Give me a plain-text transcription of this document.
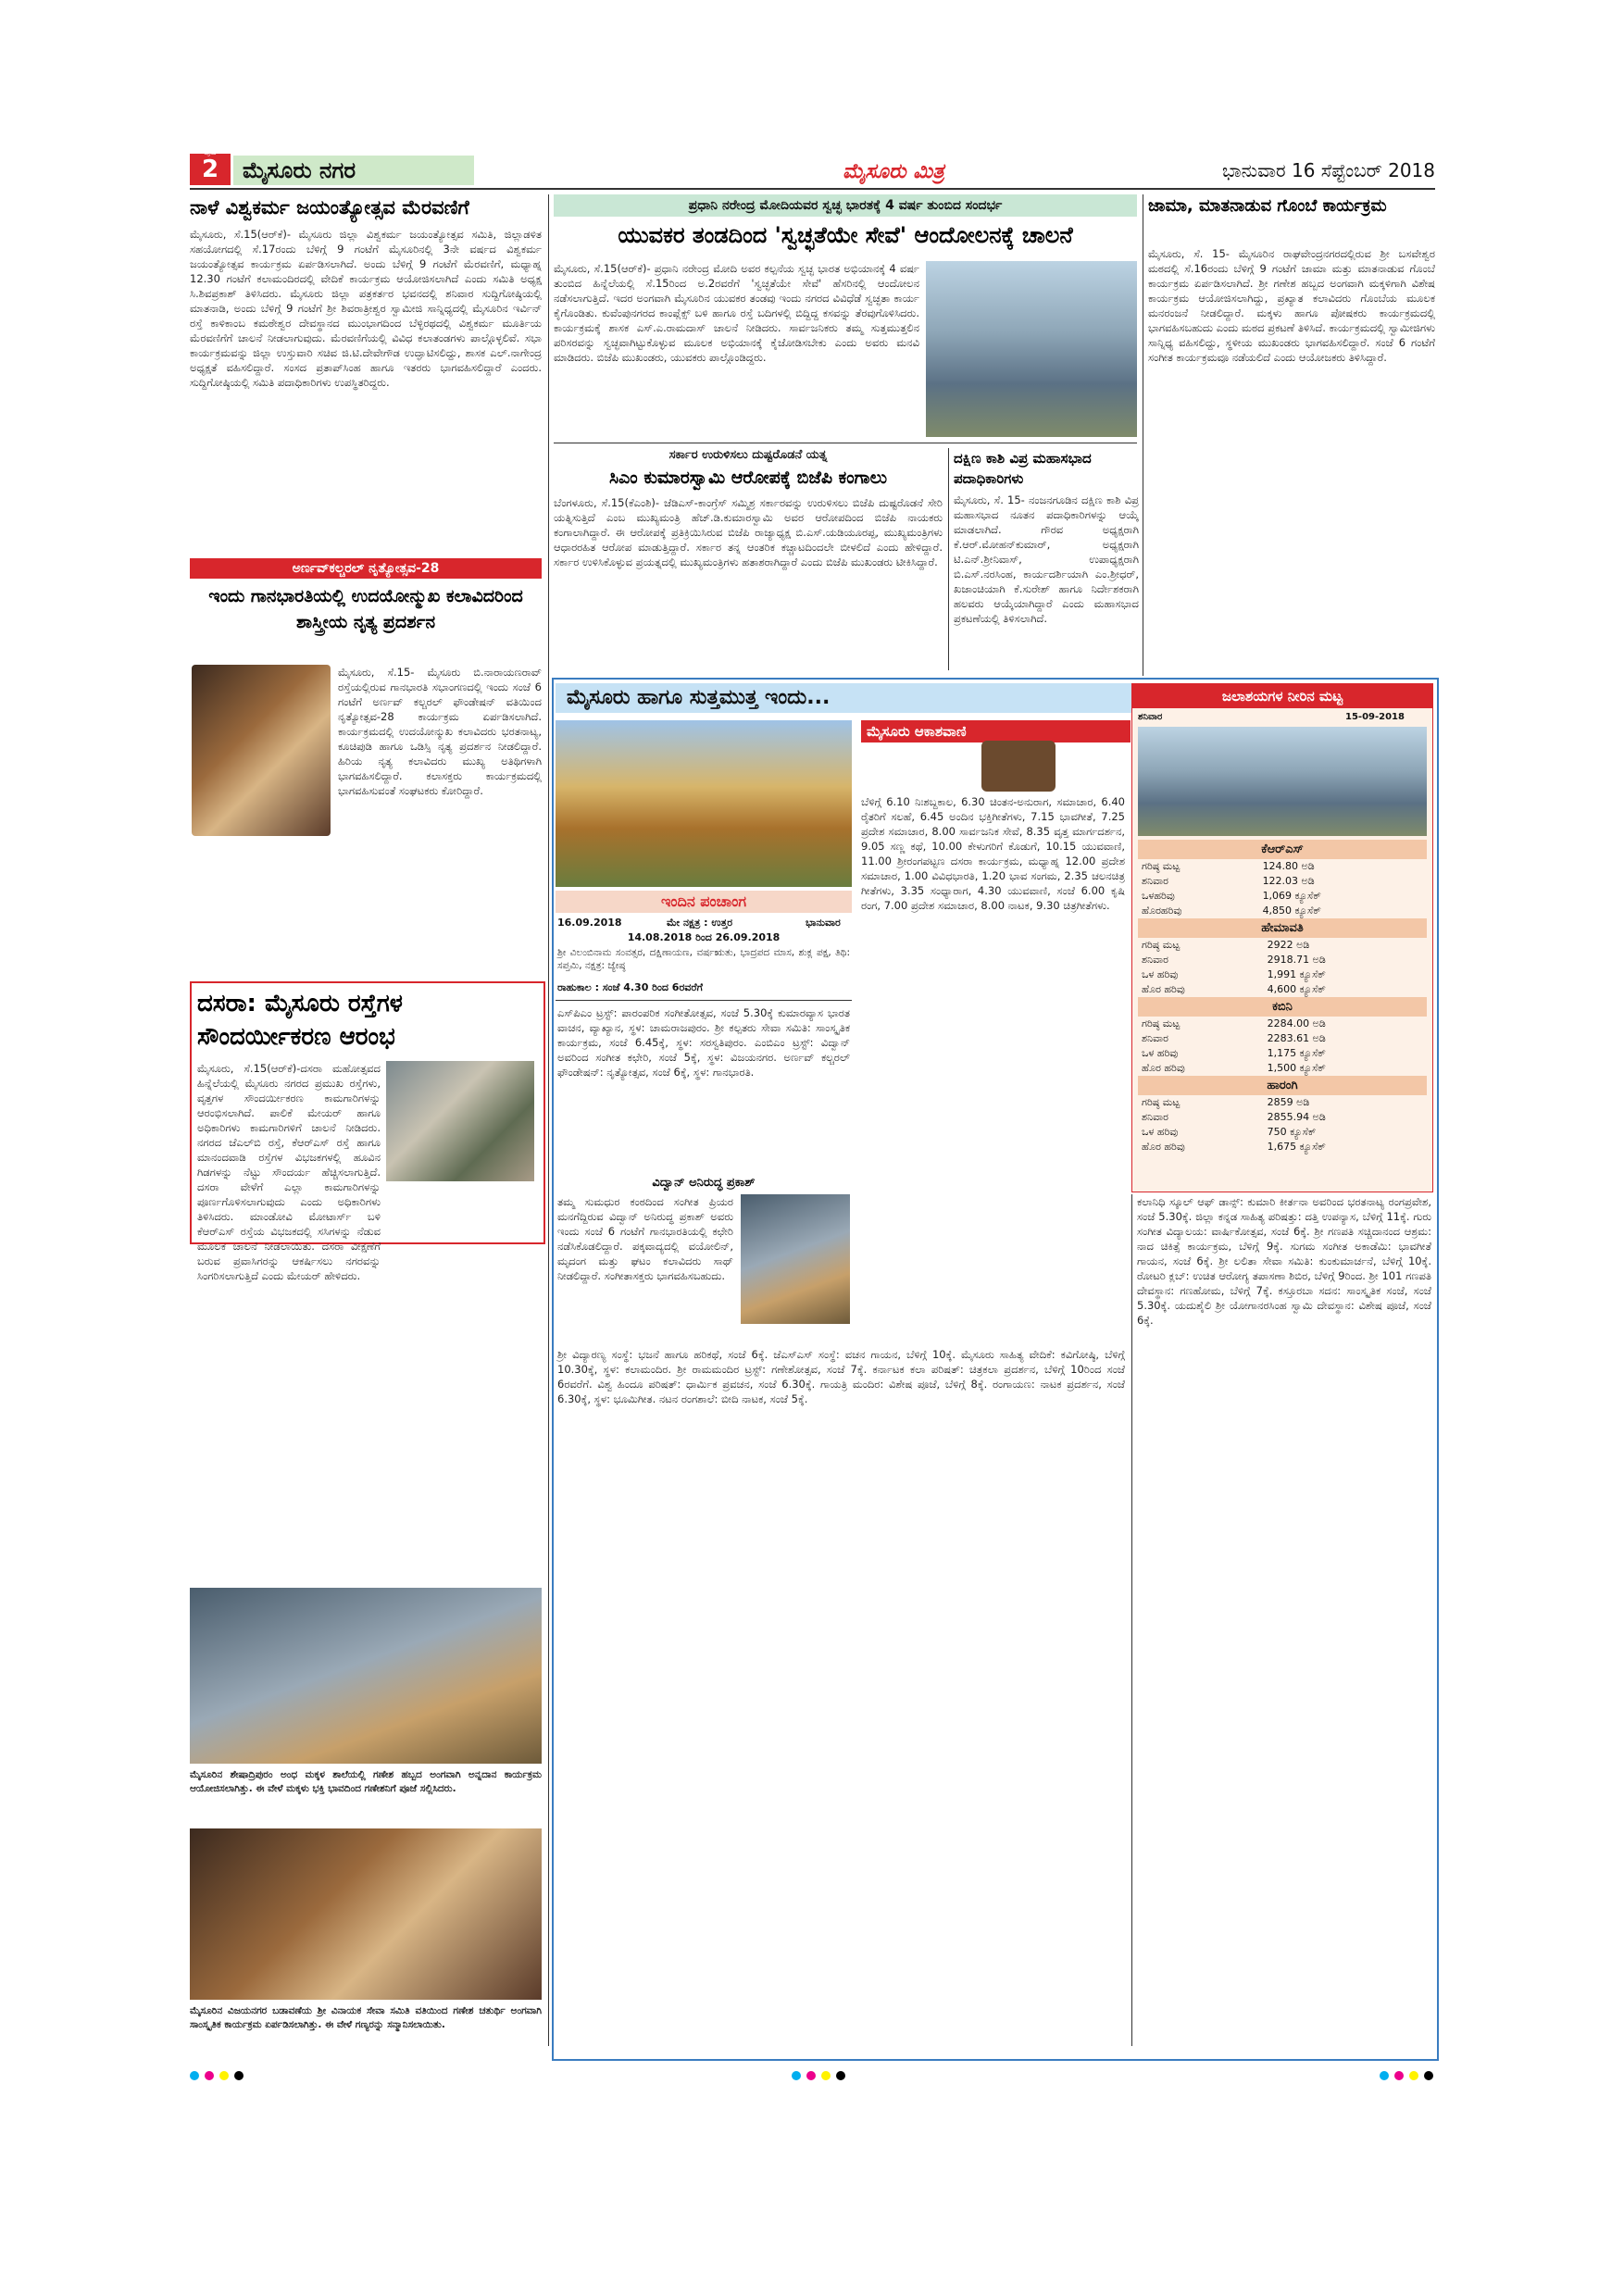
2
ಪುಟ
ಮೈಸೂರು ನಗರ	ಮೈಸೂರು ಮಿತ್ರ	ಭಾನುವಾರ 16 ಸೆಪ್ಟೆಂಬರ್ 2018
ನಾಳೆ ವಿಶ್ವಕರ್ಮ ಜಯಂತ್ಯೋತ್ಸವ ಮೆರವಣಿಗೆ
ಮೈಸೂರು, ಸೆ.15(ಆರ್‌ಕೆ)- ಮೈಸೂರು ಜಿಲ್ಲಾ ವಿಶ್ವಕರ್ಮ ಜಯಂತ್ಯೋತ್ಸವ ಸಮಿತಿ, ಜಿಲ್ಲಾಡಳಿತ ಸಹಯೋಗದಲ್ಲಿ ಸೆ.17ರಂದು ಬೆಳಿಗ್ಗೆ 9 ಗಂಟೆಗೆ ಮೈಸೂರಿನಲ್ಲಿ 3ನೇ ವರ್ಷದ ವಿಶ್ವಕರ್ಮ ಜಯಂತ್ಯೋತ್ಸವ ಕಾರ್ಯಕ್ರಮ ಏರ್ಪಡಿಸಲಾಗಿದೆ. ಅಂದು ಬೆಳಿಗ್ಗೆ 9 ಗಂಟೆಗೆ ಮೆರವಣಿಗೆ, ಮಧ್ಯಾಹ್ನ 12.30 ಗಂಟೆಗೆ ಕಲಾಮಂದಿರದಲ್ಲಿ ವೇದಿಕೆ ಕಾರ್ಯಕ್ರಮ ಆಯೋಜಿಸಲಾಗಿದೆ ಎಂದು ಸಮಿತಿ ಅಧ್ಯಕ್ಷ ಸಿ.ಶಿವಪ್ರಕಾಶ್ ತಿಳಿಸಿದರು. ಮೈಸೂರು ಜಿಲ್ಲಾ ಪತ್ರಕರ್ತರ ಭವನದಲ್ಲಿ ಶನಿವಾರ ಸುದ್ದಿಗೋಷ್ಠಿಯಲ್ಲಿ ಮಾತನಾಡಿ, ಅಂದು ಬೆಳಿಗ್ಗೆ 9 ಗಂಟೆಗೆ ಶ್ರೀ ಶಿವರಾತ್ರೀಶ್ವರ ಸ್ವಾಮೀಜಿ ಸಾನ್ನಿಧ್ಯದಲ್ಲಿ ಮೈಸೂರಿನ ಇರ್ವಿನ್ ರಸ್ತೆ ಕಾಳಿಕಾಂಬ ಕಮಠೇಶ್ವರ ದೇವಸ್ಥಾನದ ಮುಂಭಾಗದಿಂದ ಬೆಳ್ಳಿರಥದಲ್ಲಿ ವಿಶ್ವಕರ್ಮ ಮೂರ್ತಿಯ ಮೆರವಣಿಗೆಗೆ ಚಾಲನೆ ನೀಡಲಾಗುವುದು. ಮೆರವಣಿಗೆಯಲ್ಲಿ ವಿವಿಧ ಕಲಾತಂಡಗಳು ಪಾಲ್ಗೊಳ್ಳಲಿವೆ. ಸಭಾ ಕಾರ್ಯಕ್ರಮವನ್ನು ಜಿಲ್ಲಾ ಉಸ್ತುವಾರಿ ಸಚಿವ ಜಿ.ಟಿ.ದೇವೇಗೌಡ ಉದ್ಘಾಟಿಸಲಿದ್ದು, ಶಾಸಕ ಎಲ್.ನಾಗೇಂದ್ರ ಅಧ್ಯಕ್ಷತೆ ವಹಿಸಲಿದ್ದಾರೆ. ಸಂಸದ ಪ್ರತಾಪ್‌ಸಿಂಹ ಹಾಗೂ ಇತರರು ಭಾಗವಹಿಸಲಿದ್ದಾರೆ ಎಂದರು. ಸುದ್ದಿಗೋಷ್ಠಿಯಲ್ಲಿ ಸಮಿತಿ ಪದಾಧಿಕಾರಿಗಳು ಉಪಸ್ಥಿತರಿದ್ದರು.
ಅರ್ಣವ್‌ಕಲ್ಚರಲ್ ನೃತ್ಯೋತ್ಸವ-28
ಇಂದು ಗಾನಭಾರತಿಯಲ್ಲಿ ಉದಯೋನ್ಮುಖ ಕಲಾವಿದರಿಂದ ಶಾಸ್ತ್ರೀಯ ನೃತ್ಯ ಪ್ರದರ್ಶನ
ಮೈಸೂರು, ಸೆ.15- ಮೈಸೂರು ಬಿ.ನಾರಾಯಣರಾವ್ ರಸ್ತೆಯಲ್ಲಿರುವ ಗಾನಭಾರತಿ ಸಭಾಂಗಣದಲ್ಲಿ ಇಂದು ಸಂಜೆ 6 ಗಂಟೆಗೆ ಅರ್ಣವ್ ಕಲ್ಚರಲ್ ಫೌಂಡೇಷನ್ ವತಿಯಿಂದ ನೃತ್ಯೋತ್ಸವ-28 ಕಾರ್ಯಕ್ರಮ ಏರ್ಪಡಿಸಲಾಗಿದೆ. ಕಾರ್ಯಕ್ರಮದಲ್ಲಿ ಉದಯೋನ್ಮುಖ ಕಲಾವಿದರು ಭರತನಾಟ್ಯ, ಕೂಚಿಪುಡಿ ಹಾಗೂ ಒಡಿಸ್ಸಿ ನೃತ್ಯ ಪ್ರದರ್ಶನ ನೀಡಲಿದ್ದಾರೆ. ಹಿರಿಯ ನೃತ್ಯ ಕಲಾವಿದರು ಮುಖ್ಯ ಅತಿಥಿಗಳಾಗಿ ಭಾಗವಹಿಸಲಿದ್ದಾರೆ. ಕಲಾಸಕ್ತರು ಕಾರ್ಯಕ್ರಮದಲ್ಲಿ ಭಾಗವಹಿಸುವಂತೆ ಸಂಘಟಕರು ಕೋರಿದ್ದಾರೆ.
ದಸರಾ: ಮೈಸೂರು ರಸ್ತೆಗಳ ಸೌಂದರ್ಯೀಕರಣ ಆರಂಭ
ಮೈಸೂರು, ಸೆ.15(ಆರ್‌ಕೆ)-ದಸರಾ ಮಹೋತ್ಸವದ ಹಿನ್ನೆಲೆಯಲ್ಲಿ ಮೈಸೂರು ನಗರದ ಪ್ರಮುಖ ರಸ್ತೆಗಳು, ವೃತ್ತಗಳ ಸೌಂದರ್ಯೀಕರಣ ಕಾಮಗಾರಿಗಳನ್ನು ಆರಂಭಿಸಲಾಗಿದೆ. ಪಾಲಿಕೆ ಮೇಯರ್ ಹಾಗೂ ಅಧಿಕಾರಿಗಳು ಕಾಮಗಾರಿಗಳಿಗೆ ಚಾಲನೆ ನೀಡಿದರು. ನಗರದ ಜೆಎಲ್‌ಬಿ ರಸ್ತೆ, ಕೆಆರ್‌ಎಸ್ ರಸ್ತೆ ಹಾಗೂ ಮಾನಂದವಾಡಿ ರಸ್ತೆಗಳ ವಿಭಜಕಗಳಲ್ಲಿ ಹೂವಿನ ಗಿಡಗಳನ್ನು ನೆಟ್ಟು ಸೌಂದರ್ಯ ಹೆಚ್ಚಿಸಲಾಗುತ್ತಿದೆ. ದಸರಾ ವೇಳೆಗೆ ಎಲ್ಲಾ ಕಾಮಗಾರಿಗಳನ್ನು ಪೂರ್ಣಗೊಳಿಸಲಾಗುವುದು ಎಂದು ಅಧಿಕಾರಿಗಳು ತಿಳಿಸಿದರು. ಮಾಂಡೋವಿ ಮೋಟಾರ್ಸ್ ಬಳಿ ಕೆಆರ್‌ಎಸ್ ರಸ್ತೆಯ ವಿಭಜಕದಲ್ಲಿ ಸಸಿಗಳನ್ನು ನೆಡುವ ಮೂಲಕ ಚಾಲನೆ ನೀಡಲಾಯಿತು. ದಸರಾ ವೀಕ್ಷಣೆಗೆ ಬರುವ ಪ್ರವಾಸಿಗರನ್ನು ಆಕರ್ಷಿಸಲು ನಗರವನ್ನು ಸಿಂಗರಿಸಲಾಗುತ್ತಿದೆ ಎಂದು ಮೇಯರ್ ಹೇಳಿದರು.
ಮೈಸೂರಿನ ಶೇಷಾದ್ರಿಪುರಂ ಅಂಧ ಮಕ್ಕಳ ಶಾಲೆಯಲ್ಲಿ ಗಣೇಶ ಹಬ್ಬದ ಅಂಗವಾಗಿ ಅನ್ನದಾನ ಕಾರ್ಯಕ್ರಮ ಆಯೋಜಿಸಲಾಗಿತ್ತು. ಈ ವೇಳೆ ಮಕ್ಕಳು ಭಕ್ತಿ ಭಾವದಿಂದ ಗಣೇಶನಿಗೆ ಪೂಜೆ ಸಲ್ಲಿಸಿದರು.
ಮೈಸೂರಿನ ವಿಜಯನಗರ ಬಡಾವಣೆಯ ಶ್ರೀ ವಿನಾಯಕ ಸೇವಾ ಸಮಿತಿ ವತಿಯಿಂದ ಗಣೇಶ ಚತುರ್ಥಿ ಅಂಗವಾಗಿ ಸಾಂಸ್ಕೃತಿಕ ಕಾರ್ಯಕ್ರಮ ಏರ್ಪಡಿಸಲಾಗಿತ್ತು. ಈ ವೇಳೆ ಗಣ್ಯರನ್ನು ಸನ್ಮಾನಿಸಲಾಯಿತು.
ಪ್ರಧಾನಿ ನರೇಂದ್ರ ಮೋದಿಯವರ ಸ್ವಚ್ಛ ಭಾರತಕ್ಕೆ 4 ವರ್ಷ ತುಂಬಿದ ಸಂದರ್ಭ
ಯುವಕರ ತಂಡದಿಂದ 'ಸ್ವಚ್ಛತೆಯೇ ಸೇವೆ' ಆಂದೋಲನಕ್ಕೆ ಚಾಲನೆ
ಮೈಸೂರು, ಸೆ.15(ಆರ್‌ಕೆ)- ಪ್ರಧಾನಿ ನರೇಂದ್ರ ಮೋದಿ ಅವರ ಕಲ್ಪನೆಯ ಸ್ವಚ್ಛ ಭಾರತ ಅಭಿಯಾನಕ್ಕೆ 4 ವರ್ಷ ತುಂಬಿದ ಹಿನ್ನೆಲೆಯಲ್ಲಿ ಸೆ.15ರಿಂದ ಅ.2ರವರೆಗೆ 'ಸ್ವಚ್ಛತೆಯೇ ಸೇವೆ' ಹೆಸರಿನಲ್ಲಿ ಆಂದೋಲನ ನಡೆಸಲಾಗುತ್ತಿದೆ. ಇದರ ಅಂಗವಾಗಿ ಮೈಸೂರಿನ ಯುವಕರ ತಂಡವು ಇಂದು ನಗರದ ವಿವಿಧೆಡೆ ಸ್ವಚ್ಛತಾ ಕಾರ್ಯ ಕೈಗೊಂಡಿತು. ಕುವೆಂಪುನಗರದ ಕಾಂಪ್ಲೆಕ್ಸ್ ಬಳಿ ಹಾಗೂ ರಸ್ತೆ ಬದಿಗಳಲ್ಲಿ ಬಿದ್ದಿದ್ದ ಕಸವನ್ನು ತೆರವುಗೊಳಿಸಿದರು. ಕಾರ್ಯಕ್ರಮಕ್ಕೆ ಶಾಸಕ ಎಸ್.ಎ.ರಾಮದಾಸ್ ಚಾಲನೆ ನೀಡಿದರು. ಸಾರ್ವಜನಿಕರು ತಮ್ಮ ಸುತ್ತಮುತ್ತಲಿನ ಪರಿಸರವನ್ನು ಸ್ವಚ್ಛವಾಗಿಟ್ಟುಕೊಳ್ಳುವ ಮೂಲಕ ಅಭಿಯಾನಕ್ಕೆ ಕೈಜೋಡಿಸಬೇಕು ಎಂದು ಅವರು ಮನವಿ ಮಾಡಿದರು. ಬಿಜೆಪಿ ಮುಖಂಡರು, ಯುವಕರು ಪಾಲ್ಗೊಂಡಿದ್ದರು.
ಸರ್ಕಾರ ಉರುಳಿಸಲು ದುಷ್ಟರೊಡನೆ ಯತ್ನ
ಸಿಎಂ ಕುಮಾರಸ್ವಾಮಿ ಆರೋಪಕ್ಕೆ ಬಿಜೆಪಿ ಕಂಗಾಲು
ಬೆಂಗಳೂರು, ಸೆ.15(ಕೆಎಂಶಿ)- ಜೆಡಿಎಸ್-ಕಾಂಗ್ರೆಸ್ ಸಮ್ಮಿಶ್ರ ಸರ್ಕಾರವನ್ನು ಉರುಳಿಸಲು ಬಿಜೆಪಿ ದುಷ್ಟರೊಡನೆ ಸೇರಿ ಯತ್ನಿಸುತ್ತಿದೆ ಎಂಬ ಮುಖ್ಯಮಂತ್ರಿ ಹೆಚ್.ಡಿ.ಕುಮಾರಸ್ವಾಮಿ ಅವರ ಆರೋಪದಿಂದ ಬಿಜೆಪಿ ನಾಯಕರು ಕಂಗಾಲಾಗಿದ್ದಾರೆ. ಈ ಆರೋಪಕ್ಕೆ ಪ್ರತಿಕ್ರಿಯಿಸಿರುವ ಬಿಜೆಪಿ ರಾಜ್ಯಾಧ್ಯಕ್ಷ ಬಿ.ಎಸ್.ಯಡಿಯೂರಪ್ಪ, ಮುಖ್ಯಮಂತ್ರಿಗಳು ಆಧಾರರಹಿತ ಆರೋಪ ಮಾಡುತ್ತಿದ್ದಾರೆ. ಸರ್ಕಾರ ತನ್ನ ಆಂತರಿಕ ಕಚ್ಚಾಟದಿಂದಲೇ ಬೀಳಲಿದೆ ಎಂದು ಹೇಳಿದ್ದಾರೆ. ಸರ್ಕಾರ ಉಳಿಸಿಕೊಳ್ಳುವ ಪ್ರಯತ್ನದಲ್ಲಿ ಮುಖ್ಯಮಂತ್ರಿಗಳು ಹತಾಶರಾಗಿದ್ದಾರೆ ಎಂದು ಬಿಜೆಪಿ ಮುಖಂಡರು ಟೀಕಿಸಿದ್ದಾರೆ.
ದಕ್ಷಿಣ ಕಾಶಿ ವಿಪ್ರ ಮಹಾಸಭಾದ ಪದಾಧಿಕಾರಿಗಳು
ಮೈಸೂರು, ಸೆ. 15- ನಂಜನಗೂಡಿನ ದಕ್ಷಿಣ ಕಾಶಿ ವಿಪ್ರ ಮಹಾಸಭಾದ ನೂತನ ಪದಾಧಿಕಾರಿಗಳನ್ನು ಆಯ್ಕೆ ಮಾಡಲಾಗಿದೆ. ಗೌರವ ಅಧ್ಯಕ್ಷರಾಗಿ ಕೆ.ಆರ್.ಮೋಹನ್‌ಕುಮಾರ್, ಅಧ್ಯಕ್ಷರಾಗಿ ಟಿ.ಎನ್.ಶ್ರೀನಿವಾಸ್, ಉಪಾಧ್ಯಕ್ಷರಾಗಿ ಬಿ.ಎಸ್.ನರಸಿಂಹ, ಕಾರ್ಯದರ್ಶಿಯಾಗಿ ಎಂ.ಶ್ರೀಧರ್, ಖಜಾಂಚಿಯಾಗಿ ಕೆ.ಸುರೇಶ್ ಹಾಗೂ ನಿರ್ದೇಶಕರಾಗಿ ಹಲವರು ಆಯ್ಕೆಯಾಗಿದ್ದಾರೆ ಎಂದು ಮಹಾಸಭಾದ ಪ್ರಕಟಣೆಯಲ್ಲಿ ತಿಳಿಸಲಾಗಿದೆ.
ಜಾಮಾ, ಮಾತನಾಡುವ ಗೊಂಬೆ ಕಾರ್ಯಕ್ರಮ
ಮೈಸೂರು, ಸೆ. 15- ಮೈಸೂರಿನ ರಾಘವೇಂದ್ರನಗರದಲ್ಲಿರುವ ಶ್ರೀ ಬಸವೇಶ್ವರ ಮಠದಲ್ಲಿ ಸೆ.16ರಂದು ಬೆಳಿಗ್ಗೆ 9 ಗಂಟೆಗೆ ಜಾಮಾ ಮತ್ತು ಮಾತನಾಡುವ ಗೊಂಬೆ ಕಾರ್ಯಕ್ರಮ ಏರ್ಪಡಿಸಲಾಗಿದೆ. ಶ್ರೀ ಗಣೇಶ ಹಬ್ಬದ ಅಂಗವಾಗಿ ಮಕ್ಕಳಿಗಾಗಿ ವಿಶೇಷ ಕಾರ್ಯಕ್ರಮ ಆಯೋಜಿಸಲಾಗಿದ್ದು, ಪ್ರಖ್ಯಾತ ಕಲಾವಿದರು ಗೊಂಬೆಯ ಮೂಲಕ ಮನರಂಜನೆ ನೀಡಲಿದ್ದಾರೆ. ಮಕ್ಕಳು ಹಾಗೂ ಪೋಷಕರು ಕಾರ್ಯಕ್ರಮದಲ್ಲಿ ಭಾಗವಹಿಸಬಹುದು ಎಂದು ಮಠದ ಪ್ರಕಟಣೆ ತಿಳಿಸಿದೆ. ಕಾರ್ಯಕ್ರಮದಲ್ಲಿ ಸ್ವಾಮೀಜಿಗಳು ಸಾನ್ನಿಧ್ಯ ವಹಿಸಲಿದ್ದು, ಸ್ಥಳೀಯ ಮುಖಂಡರು ಭಾಗವಹಿಸಲಿದ್ದಾರೆ. ಸಂಜೆ 6 ಗಂಟೆಗೆ ಸಂಗೀತ ಕಾರ್ಯಕ್ರಮವೂ ನಡೆಯಲಿದೆ ಎಂದು ಆಯೋಜಕರು ತಿಳಿಸಿದ್ದಾರೆ.
ಮೈಸೂರು ಹಾಗೂ ಸುತ್ತಮುತ್ತ ಇಂದು...
ಇಂದಿನ ಪಂಚಾಂಗ
16.09.2018	ಮೇ ನಕ್ಷತ್ರ : ಉತ್ತರ	ಭಾನುವಾರ
14.08.2018 ರಿಂದ 26.09.2018
ಶ್ರೀ ವಿಲಂಬಿನಾಮ ಸಂವತ್ಸರ, ದಕ್ಷಿಣಾಯಣ, ವರ್ಷಋತು, ಭಾದ್ರಪದ ಮಾಸ, ಶುಕ್ಲ ಪಕ್ಷ, ತಿಥಿ: ಸಪ್ತಮಿ, ನಕ್ಷತ್ರ: ಜ್ಯೇಷ್ಠ
ರಾಹುಕಾಲ : ಸಂಜೆ 4.30 ರಿಂದ 6ರವರೆಗೆ
ಮೈಸೂರು ಆಕಾಶವಾಣಿ
ಬೆಳಿಗ್ಗೆ 6.10 ನಿಃಶಬ್ದಕಾಲ, 6.30 ಚಿಂತನ-ಅನುರಾಗ, ಸಮಾಚಾರ, 6.40 ರೈತರಿಗೆ ಸಲಹೆ, 6.45 ಅಂದಿನ ಭಕ್ತಿಗೀತೆಗಳು, 7.15 ಭಾವಗೀತೆ, 7.25 ಪ್ರದೇಶ ಸಮಾಚಾರ, 8.00 ಸಾರ್ವಜನಿಕ ಸೇವೆ, 8.35 ವೃತ್ತ ಮಾರ್ಗದರ್ಶನ, 9.05 ಸಣ್ಣ ಕಥೆ, 10.00 ಕೇಳುಗರಿಗೆ ಕೊಡುಗೆ, 10.15 ಯುವವಾಣಿ, 11.00 ಶ್ರೀರಂಗಪಟ್ಟಣ ದಸರಾ ಕಾರ್ಯಕ್ರಮ, ಮಧ್ಯಾಹ್ನ 12.00 ಪ್ರದೇಶ ಸಮಾಚಾರ, 1.00 ವಿವಿಧಭಾರತಿ, 1.20 ಭಾವ ಸಂಗಮ, 2.35 ಚಲನಚಿತ್ರ ಗೀತೆಗಳು, 3.35 ಸಂಧ್ಯಾರಾಗ, 4.30 ಯುವವಾಣಿ, ಸಂಜೆ 6.00 ಕೃಷಿ ರಂಗ, 7.00 ಪ್ರದೇಶ ಸಮಾಚಾರ, 8.00 ನಾಟಕ, 9.30 ಚಿತ್ರಗೀತೆಗಳು.
ಎಸ್‌ಪಿಎಂ ಟ್ರಸ್ಟ್: ಪಾರಂಪರಿಕ ಸಂಗೀತೋತ್ಸವ, ಸಂಜೆ 5.30ಕ್ಕೆ ಕುಮಾರವ್ಯಾಸ ಭಾರತ ವಾಚನ, ವ್ಯಾಖ್ಯಾನ, ಸ್ಥಳ: ಚಾಮರಾಜಪುರಂ. ಶ್ರೀ ಕಲ್ಪತರು ಸೇವಾ ಸಮಿತಿ: ಸಾಂಸ್ಕೃತಿಕ ಕಾರ್ಯಕ್ರಮ, ಸಂಜೆ 6.45ಕ್ಕೆ, ಸ್ಥಳ: ಸರಸ್ವತಿಪುರಂ. ಎಂಬಿಎಂ ಟ್ರಸ್ಟ್: ವಿದ್ವಾನ್ ಅವರಿಂದ ಸಂಗೀತ ಕಛೇರಿ, ಸಂಜೆ 5ಕ್ಕೆ, ಸ್ಥಳ: ವಿಜಯನಗರ. ಅರ್ಣವ್ ಕಲ್ಚರಲ್ ಫೌಂಡೇಷನ್: ನೃತ್ಯೋತ್ಸವ, ಸಂಜೆ 6ಕ್ಕೆ, ಸ್ಥಳ: ಗಾನಭಾರತಿ.
ವಿದ್ವಾನ್ ಅನಿರುದ್ಧ ಪ್ರಕಾಶ್
ತಮ್ಮ ಸುಮಧುರ ಕಂಠದಿಂದ ಸಂಗೀತ ಪ್ರಿಯರ ಮನಗೆದ್ದಿರುವ ವಿದ್ವಾನ್ ಅನಿರುದ್ಧ ಪ್ರಕಾಶ್ ಅವರು ಇಂದು ಸಂಜೆ 6 ಗಂಟೆಗೆ ಗಾನಭಾರತಿಯಲ್ಲಿ ಕಛೇರಿ ನಡೆಸಿಕೊಡಲಿದ್ದಾರೆ. ಪಕ್ಕವಾದ್ಯದಲ್ಲಿ ವಯೋಲಿನ್, ಮೃದಂಗ ಮತ್ತು ಘಟಂ ಕಲಾವಿದರು ಸಾಥ್ ನೀಡಲಿದ್ದಾರೆ. ಸಂಗೀತಾಸಕ್ತರು ಭಾಗವಹಿಸಬಹುದು.
ಶ್ರೀ ವಿದ್ಯಾರಣ್ಯ ಸಂಸ್ಥೆ: ಭಜನೆ ಹಾಗೂ ಹರಿಕಥೆ, ಸಂಜೆ 6ಕ್ಕೆ. ಜೆಎಸ್‌ಎಸ್ ಸಂಸ್ಥೆ: ವಚನ ಗಾಯನ, ಬೆಳಿಗ್ಗೆ 10ಕ್ಕೆ. ಮೈಸೂರು ಸಾಹಿತ್ಯ ವೇದಿಕೆ: ಕವಿಗೋಷ್ಠಿ, ಬೆಳಿಗ್ಗೆ 10.30ಕ್ಕೆ, ಸ್ಥಳ: ಕಲಾಮಂದಿರ. ಶ್ರೀ ರಾಮಮಂದಿರ ಟ್ರಸ್ಟ್: ಗಣೇಶೋತ್ಸವ, ಸಂಜೆ 7ಕ್ಕೆ. ಕರ್ನಾಟಕ ಕಲಾ ಪರಿಷತ್: ಚಿತ್ರಕಲಾ ಪ್ರದರ್ಶನ, ಬೆಳಿಗ್ಗೆ 10ರಿಂದ ಸಂಜೆ 6ರವರೆಗೆ. ವಿಶ್ವ ಹಿಂದೂ ಪರಿಷತ್: ಧಾರ್ಮಿಕ ಪ್ರವಚನ, ಸಂಜೆ 6.30ಕ್ಕೆ. ಗಾಯತ್ರಿ ಮಂದಿರ: ವಿಶೇಷ ಪೂಜೆ, ಬೆಳಿಗ್ಗೆ 8ಕ್ಕೆ. ರಂಗಾಯಣ: ನಾಟಕ ಪ್ರದರ್ಶನ, ಸಂಜೆ 6.30ಕ್ಕೆ, ಸ್ಥಳ: ಭೂಮಿಗೀತ. ನಟನ ರಂಗಶಾಲೆ: ಬೀದಿ ನಾಟಕ, ಸಂಜೆ 5ಕ್ಕೆ.
ಕಲಾನಿಧಿ ಸ್ಕೂಲ್ ಆಫ್ ಡಾನ್ಸ್: ಕುಮಾರಿ ಕೀರ್ತನಾ ಅವರಿಂದ ಭರತನಾಟ್ಯ ರಂಗಪ್ರವೇಶ, ಸಂಜೆ 5.30ಕ್ಕೆ. ಜಿಲ್ಲಾ ಕನ್ನಡ ಸಾಹಿತ್ಯ ಪರಿಷತ್ತು: ದತ್ತಿ ಉಪನ್ಯಾಸ, ಬೆಳಿಗ್ಗೆ 11ಕ್ಕೆ. ಗುರು ಸಂಗೀತ ವಿದ್ಯಾಲಯ: ವಾರ್ಷಿಕೋತ್ಸವ, ಸಂಜೆ 6ಕ್ಕೆ. ಶ್ರೀ ಗಣಪತಿ ಸಚ್ಚಿದಾನಂದ ಆಶ್ರಮ: ನಾದ ಚಿಕಿತ್ಸೆ ಕಾರ್ಯಕ್ರಮ, ಬೆಳಿಗ್ಗೆ 9ಕ್ಕೆ. ಸುಗಮ ಸಂಗೀತ ಅಕಾಡೆಮಿ: ಭಾವಗೀತೆ ಗಾಯನ, ಸಂಜೆ 6ಕ್ಕೆ. ಶ್ರೀ ಲಲಿತಾ ಸೇವಾ ಸಮಿತಿ: ಕುಂಕುಮಾರ್ಚನೆ, ಬೆಳಿಗ್ಗೆ 10ಕ್ಕೆ. ರೋಟರಿ ಕ್ಲಬ್: ಉಚಿತ ಆರೋಗ್ಯ ತಪಾಸಣಾ ಶಿಬಿರ, ಬೆಳಿಗ್ಗೆ 9ರಿಂದ. ಶ್ರೀ 101 ಗಣಪತಿ ದೇವಸ್ಥಾನ: ಗಣಹೋಮ, ಬೆಳಿಗ್ಗೆ 7ಕ್ಕೆ. ಕಸ್ತೂರಬಾ ಸದನ: ಸಾಂಸ್ಕೃತಿಕ ಸಂಜೆ, ಸಂಜೆ 5.30ಕ್ಕೆ. ಯದುಶೈಲಿ ಶ್ರೀ ಯೋಗಾನರಸಿಂಹ ಸ್ವಾಮಿ ದೇವಸ್ಥಾನ: ವಿಶೇಷ ಪೂಜೆ, ಸಂಜೆ 6ಕ್ಕೆ.
ಜಲಾಶಯಗಳ ನೀರಿನ ಮಟ್ಟ
ಶನಿವಾರ	15-09-2018
ಕೆಆರ್‌ಎಸ್
ಗರಿಷ್ಠ ಮಟ್ಟ	124.80 ಅಡಿ
ಶನಿವಾರ	122.03 ಅಡಿ
ಒಳಹರಿವು	1,069 ಕ್ಯೂಸೆಕ್
ಹೊರಹರಿವು	4,850 ಕ್ಯೂಸೆಕ್
ಹೇಮಾವತಿ
ಗರಿಷ್ಠ ಮಟ್ಟ	2922 ಅಡಿ
ಶನಿವಾರ	2918.71 ಅಡಿ
ಒಳ ಹರಿವು	1,991 ಕ್ಯೂಸೆಕ್
ಹೊರ ಹರಿವು	4,600 ಕ್ಯೂಸೆಕ್
ಕಬಿನಿ
ಗರಿಷ್ಠ ಮಟ್ಟ	2284.00 ಅಡಿ
ಶನಿವಾರ	2283.61 ಅಡಿ
ಒಳ ಹರಿವು	1,175 ಕ್ಯೂಸೆಕ್
ಹೊರ ಹರಿವು	1,500 ಕ್ಯೂಸೆಕ್
ಹಾರಂಗಿ
ಗರಿಷ್ಠ ಮಟ್ಟ	2859 ಅಡಿ
ಶನಿವಾರ	2855.94 ಅಡಿ
ಒಳ ಹರಿವು	750 ಕ್ಯೂಸೆಕ್
ಹೊರ ಹರಿವು	1,675 ಕ್ಯೂಸೆಕ್
